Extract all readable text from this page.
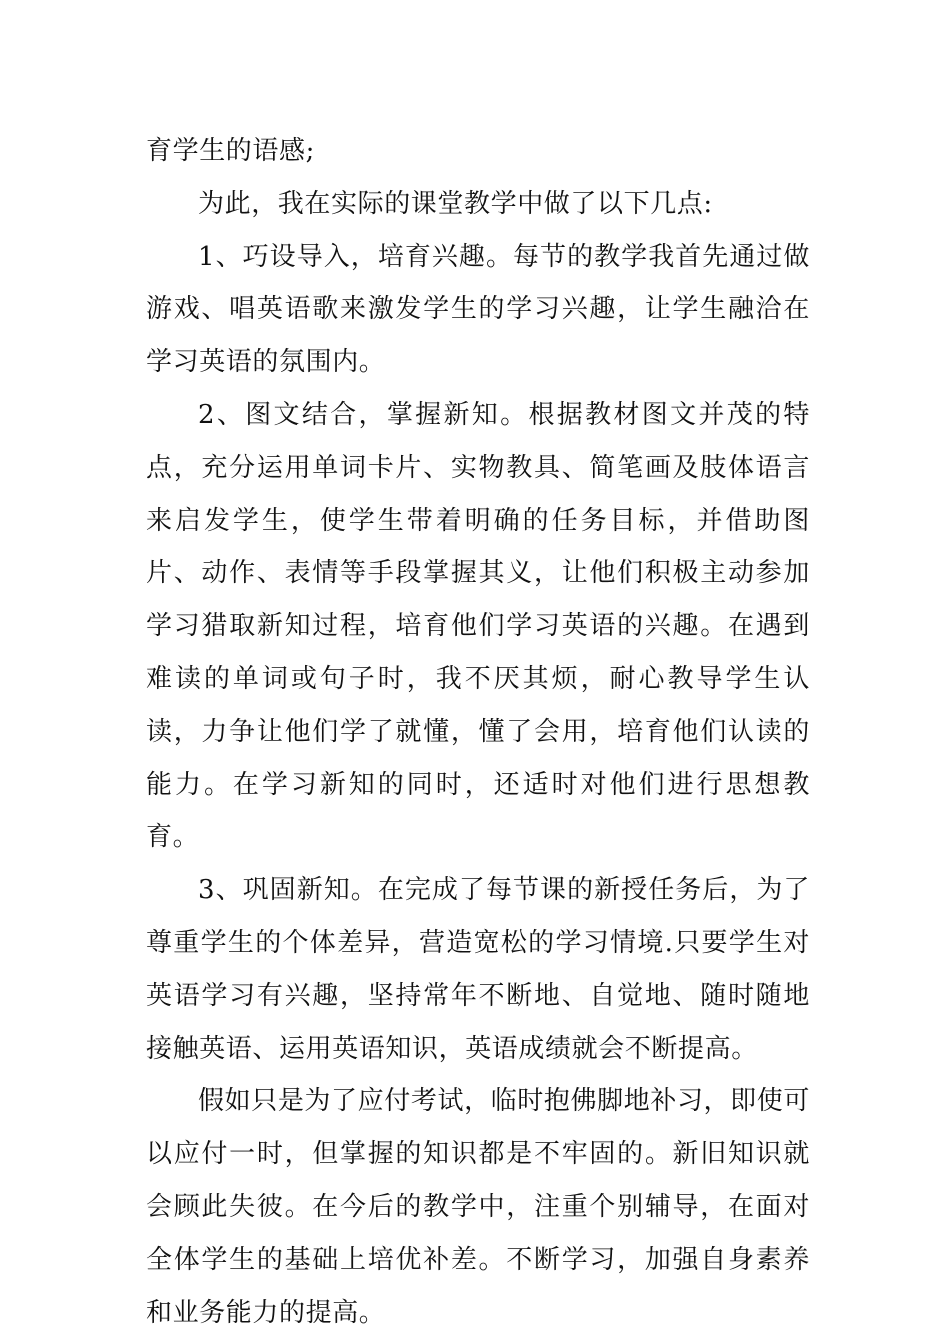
育学生的语感;

为此，我在实际的课堂教学中做了以下几点:

1、巧设导入，培育兴趣。每节的教学我首先通过做游戏、唱英语歌来激发学生的学习兴趣，让学生融洽在学习英语的氛围内。

2、图文结合，掌握新知。根据教材图文并茂的特点，充分运用单词卡片、实物教具、简笔画及肢体语言来启发学生，使学生带着明确的任务目标，并借助图片、动作、表情等手段掌握其义，让他们积极主动参加学习猎取新知过程，培育他们学习英语的兴趣。在遇到难读的单词或句子时，我不厌其烦，耐心教导学生认读，力争让他们学了就懂，懂了会用，培育他们认读的能力。在学习新知的同时，还适时对他们进行思想教育。

3、巩固新知。在完成了每节课的新授任务后，为了尊重学生的个体差异，营造宽松的学习情境.只要学生对英语学习有兴趣，坚持常年不断地、自觉地、随时随地接触英语、运用英语知识，英语成绩就会不断提高。

假如只是为了应付考试，临时抱佛脚地补习，即使可以应付一时，但掌握的知识都是不牢固的。新旧知识就会顾此失彼。在今后的教学中，注重个别辅导，在面对全体学生的基础上培优补差。不断学习，加强自身素养和业务能力的提高。
